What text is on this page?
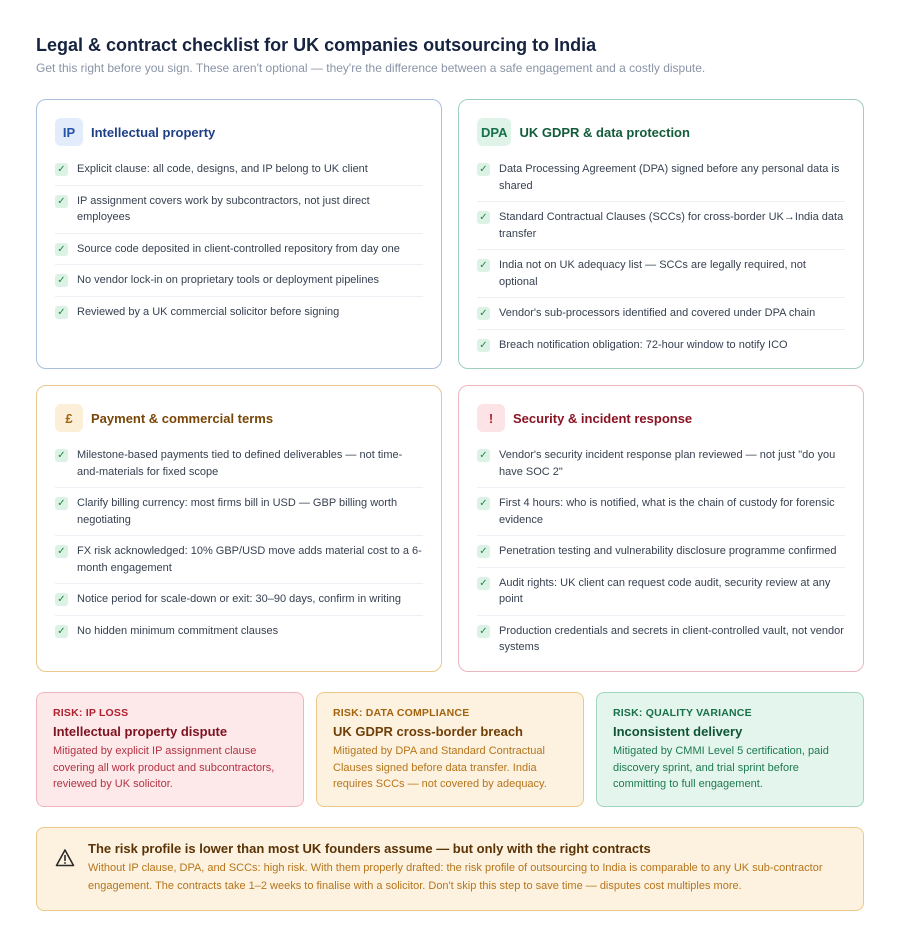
Legal & contract checklist for UK companies outsourcing to India

Get this right before you sign. These aren't optional — they're the difference between a safe engagement and a costly dispute.

IP	Intellectual property
✓ Explicit clause: all code, designs, and IP belong to UK client
✓ IP assignment covers work by subcontractors, not just direct employees
✓ Source code deposited in client-controlled repository from day one
✓ No vendor lock-in on proprietary tools or deployment pipelines
✓ Reviewed by a UK commercial solicitor before signing
DPA UK GDPR & data protection
✓ Data Processing Agreement (DPA) signed before any personal data is shared
✓ Standard Contractual Clauses (SCCs) for cross-border UK→India data transfer
✓ India not on UK adequacy list — SCCs are legally required, not optional
✓ Vendor's sub-processors identified and covered under DPA chain
✓ Breach notification obligation: 72-hour window to notify ICO
£	Payment & commercial terms
✓ Milestone-based payments tied to defined deliverables — not time-and-materials for fixed scope
✓ Clarify billing currency: most firms bill in USD — GBP billing worth negotiating
✓ FX risk acknowledged: 10% GBP/USD move adds material cost to a 6-month engagement
✓ Notice period for scale-down or exit: 30–90 days, confirm in writing
✓ No hidden minimum commitment clauses
!	Security & incident response
✓ Vendor's security incident response plan reviewed — not just "do you have SOC 2"
✓ First 4 hours: who is notified, what is the chain of custody for forensic evidence
✓ Penetration testing and vulnerability disclosure programme confirmed
✓ Audit rights: UK client can request code audit, security review at any point
✓ Production credentials and secrets in client-controlled vault, not vendor systems
RISK: IP LOSS
Intellectual property dispute
Mitigated by explicit IP assignment clause covering all work product and subcontractors, reviewed by UK solicitor.
RISK: DATA COMPLIANCE
UK GDPR cross-border breach
Mitigated by DPA and Standard Contractual Clauses signed before data transfer. India requires SCCs — not covered by adequacy.
RISK: QUALITY VARIANCE
Inconsistent delivery
Mitigated by CMMI Level 5 certification, paid discovery sprint, and trial sprint before committing to full engagement.
The risk profile is lower than most UK founders assume — but only with the right contracts
Without IP clause, DPA, and SCCs: high risk. With them properly drafted: the risk profile of outsourcing to India is comparable to any UK sub-contractor engagement. The contracts take 1–2 weeks to finalise with a solicitor. Don't skip this step to save time — disputes cost multiples more.
